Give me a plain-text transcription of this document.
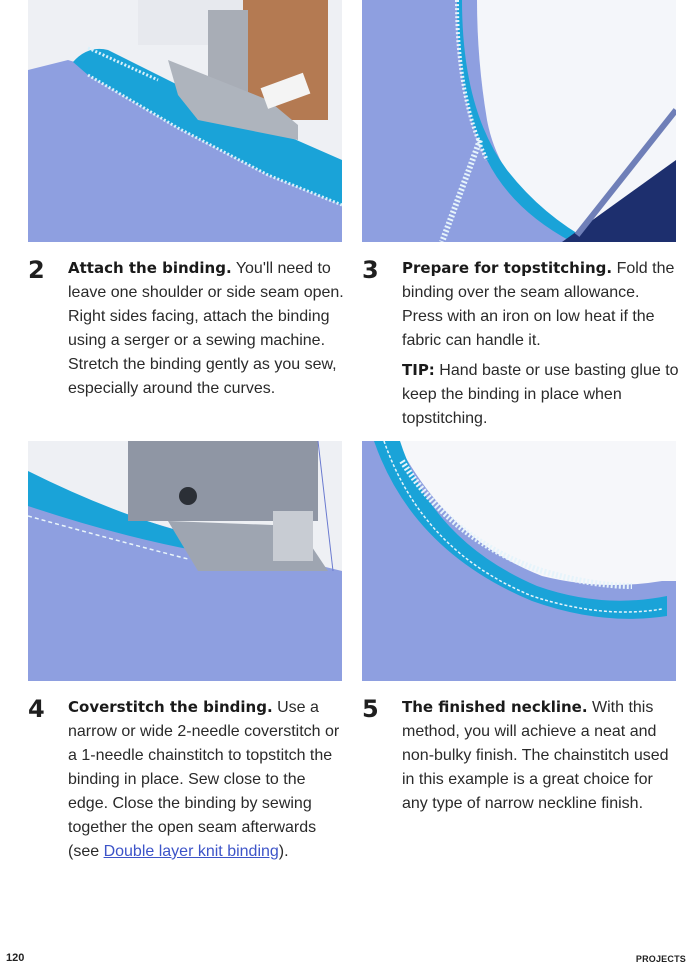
2 Attach the binding. You'll need to leave one shoulder or side seam open. Right sides facing, attach the binding using a serger or a sewing machine. Stretch the binding gently as you sew, especially around the curves.

3 Prepare for topstitching. Fold the binding over the seam allowance. Press with an iron on low heat if the fabric can handle it.

TIP: Hand baste or use basting glue to keep the binding in place when topstitching.

4 Coverstitch the binding. Use a narrow or wide 2-needle coverstitch or a 1-needle chainstitch to topstitch the binding in place. Sew close to the edge. Close the binding by sewing together the open seam afterwards (see Double layer knit binding).

5 The finished neckline. With this method, you will achieve a neat and non-bulky finish. The chainstitch used in this example is a great choice for any type of narrow neckline finish.

120	PROJECTS
